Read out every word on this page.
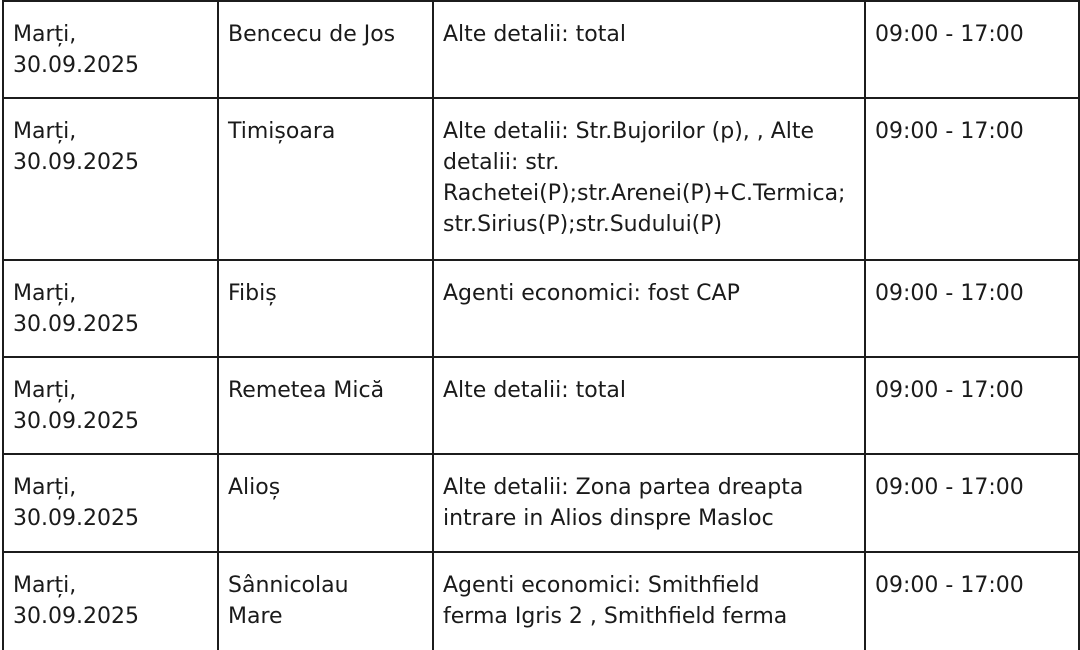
Marți,
30.09.2025	Bencecu de Jos	Alte detalii: total	09:00 - 17:00

Marți,
30.09.2025	Timișoara	Alte detalii: Str.Bujorilor (p), , Alte
detalii: str.
Rachetei(P);str.Arenei(P)+C.Termica;
str.Sirius(P);str.Sudului(P)	09:00 - 17:00

Marți,
30.09.2025	Fibiș	Agenti economici: fost CAP	09:00 - 17:00

Marți,
30.09.2025	Remetea Mică	Alte detalii: total	09:00 - 17:00

Marți,
30.09.2025	Alioș	Alte detalii: Zona partea dreapta
intrare in Alios dinspre Masloc	09:00 - 17:00

Marți,
30.09.2025	Sânnicolau
Mare	Agenti economici: Smithfield
ferma Igris 2 , Smithfield ferma	09:00 - 17:00
